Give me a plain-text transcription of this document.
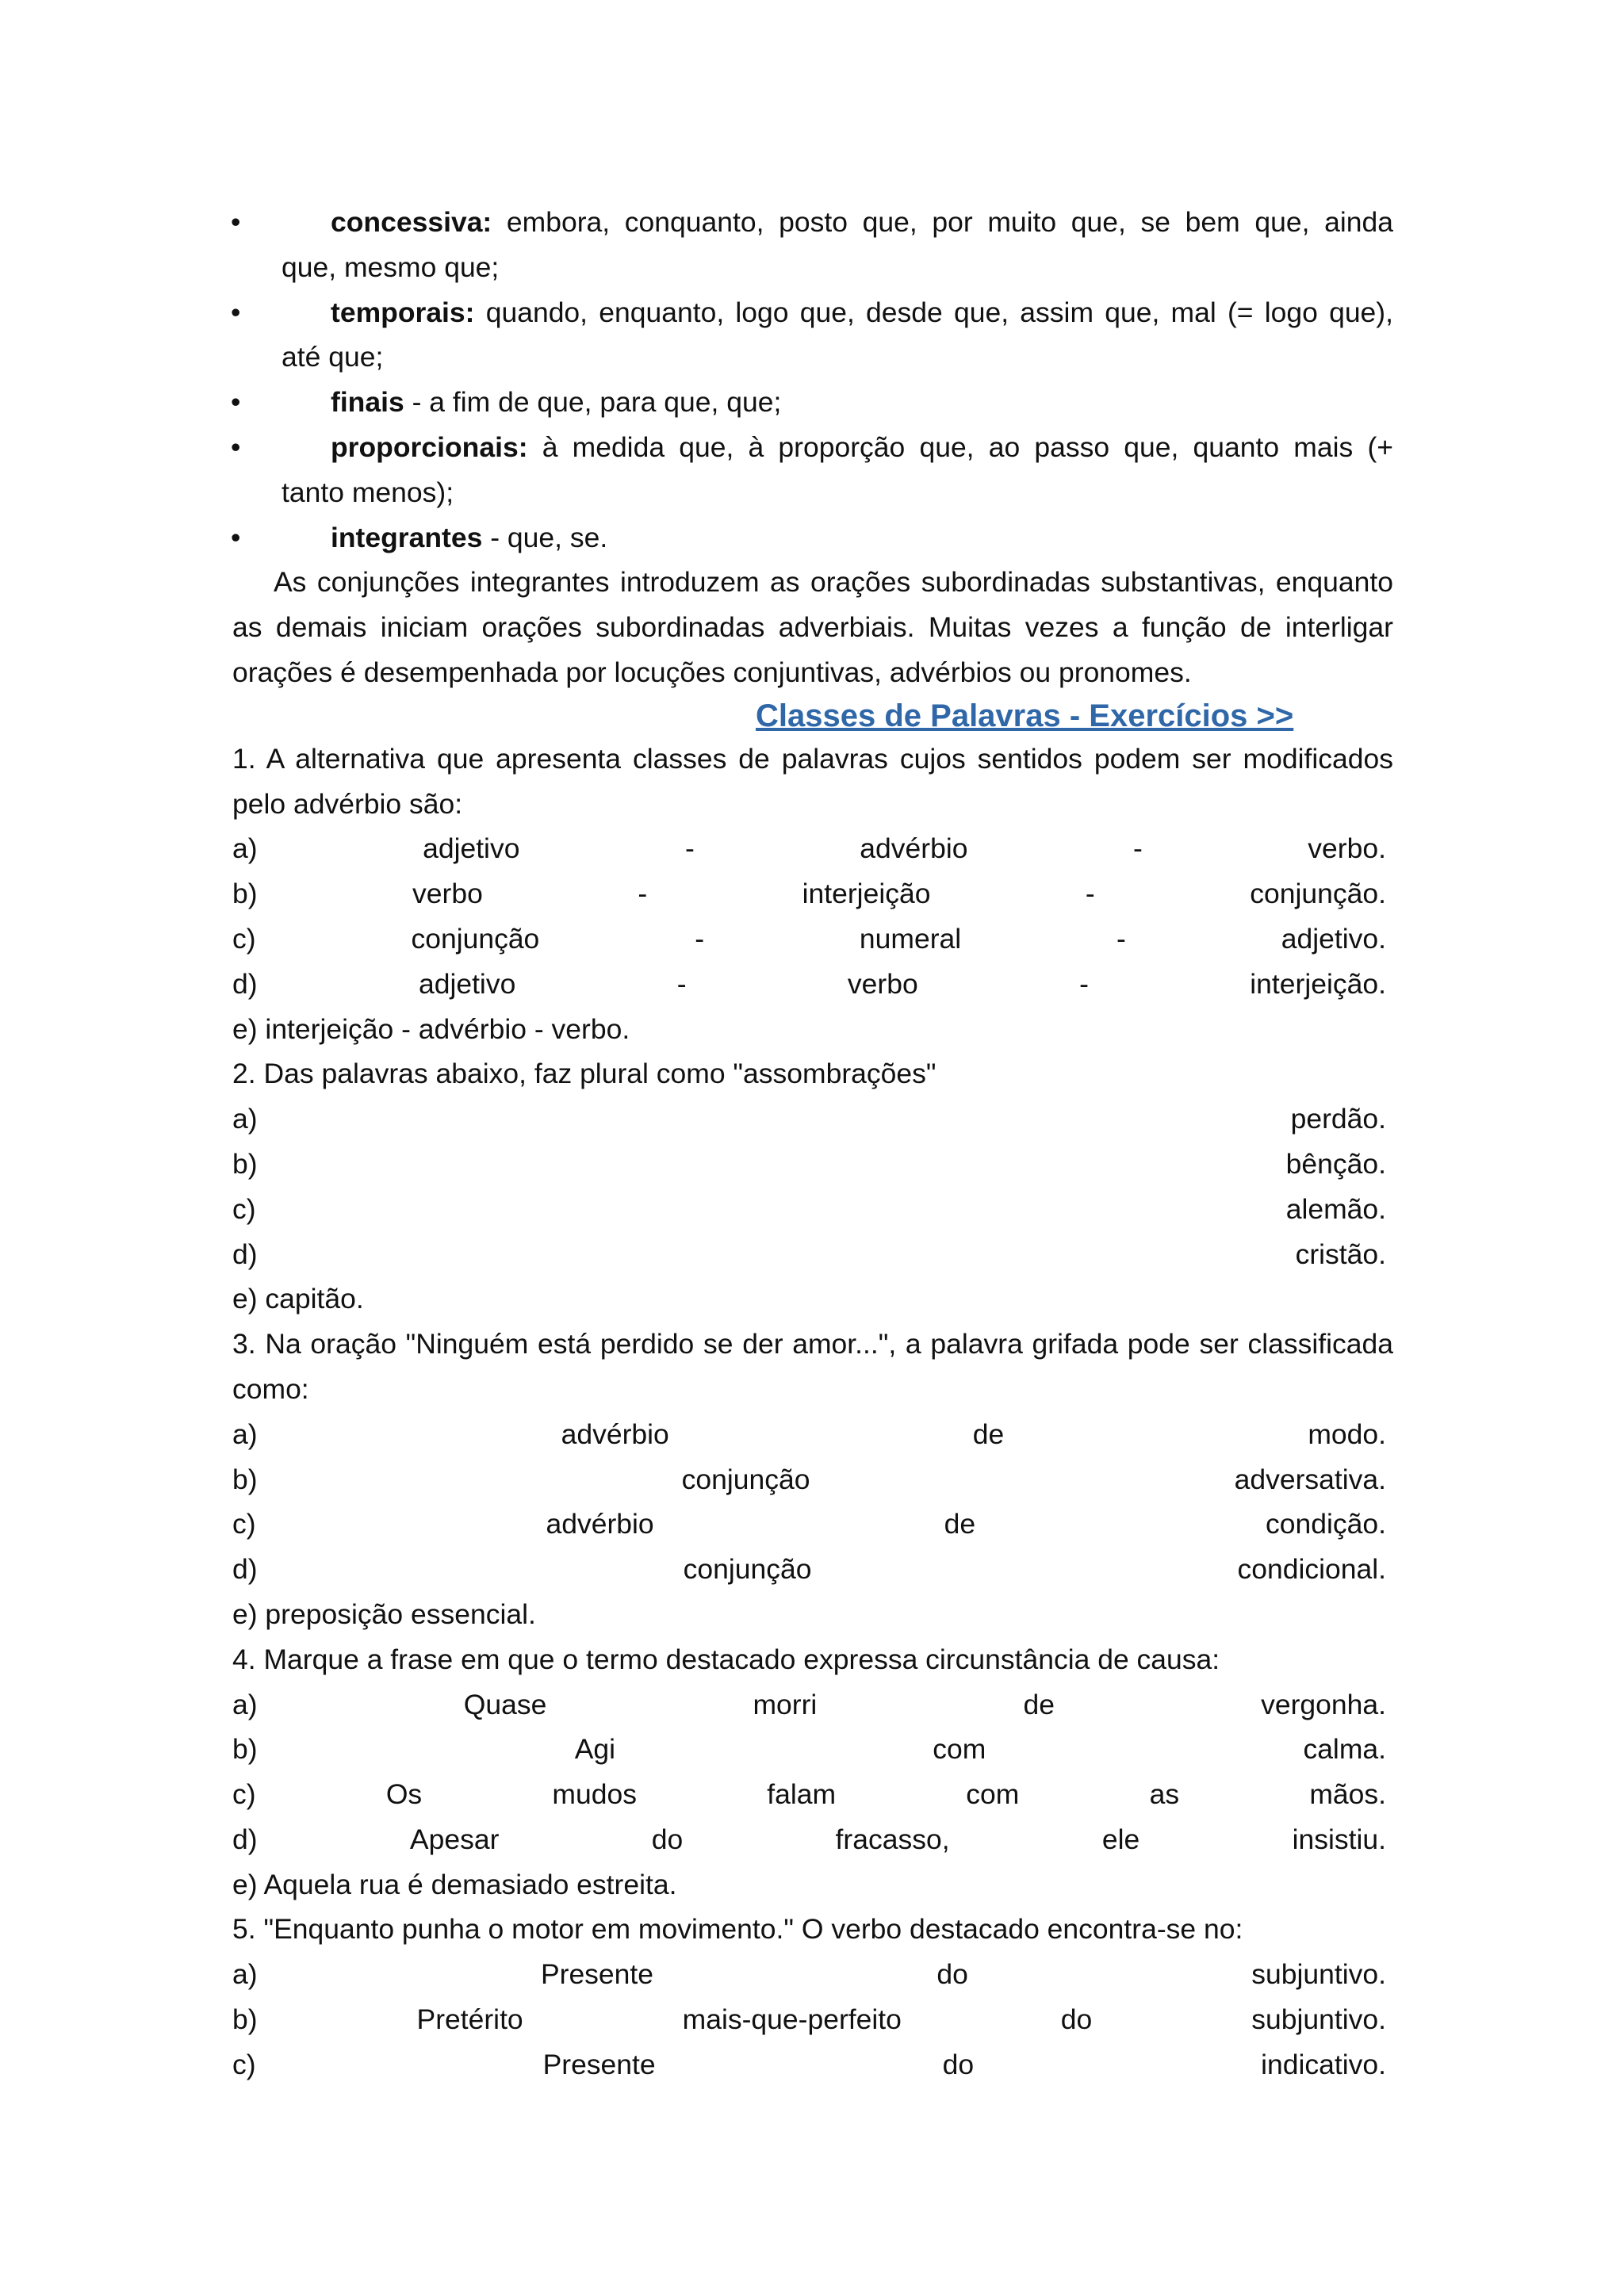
•	concessiva: embora, conquanto, posto que, por muito que, se bem que, ainda
que, mesmo que;
•	temporais: quando, enquanto, logo que, desde que, assim que, mal (= logo que),
até que;
•	finais - a fim de que, para que, que;
•	proporcionais: à medida que, à proporção que, ao passo que, quanto mais (+
tanto menos);
•	integrantes - que, se.
As conjunções integrantes introduzem as orações subordinadas substantivas, enquanto as demais iniciam orações subordinadas adverbiais. Muitas vezes a função de interligar orações é desempenhada por locuções conjuntivas, advérbios ou pronomes.
Classes de Palavras - Exercícios >>
1. A alternativa que apresenta classes de palavras cujos sentidos podem ser modificados pelo advérbio são:
a)	adjetivo	-	advérbio	-	verbo.
b)	verbo	-	interjeição	-	conjunção.
c)	conjunção	-	numeral	-	adjetivo.
d)	adjetivo	-	verbo	-	interjeição.
e) interjeição - advérbio - verbo.
2. Das palavras abaixo, faz plural como "assombrações"
a)	perdão.
b)	bênção.
c)	alemão.
d)	cristão.
e) capitão.
3. Na oração "Ninguém está perdido se der amor...", a palavra grifada pode ser classificada como:
a)	advérbio	de	modo.
b)	conjunção	adversativa.
c)	advérbio	de	condição.
d)	conjunção	condicional.
e) preposição essencial.
4. Marque a frase em que o termo destacado expressa circunstância de causa:
a)	Quase	morri	de	vergonha.
b)	Agi	com	calma.
c)	Os	mudos	falam	com	as	mãos.
d)	Apesar	do	fracasso,	ele	insistiu.
e) Aquela rua é demasiado estreita.
5. "Enquanto punha o motor em movimento." O verbo destacado encontra-se no:
a)	Presente	do	subjuntivo.
b)	Pretérito	mais-que-perfeito	do	subjuntivo.
c)	Presente	do	indicativo.
